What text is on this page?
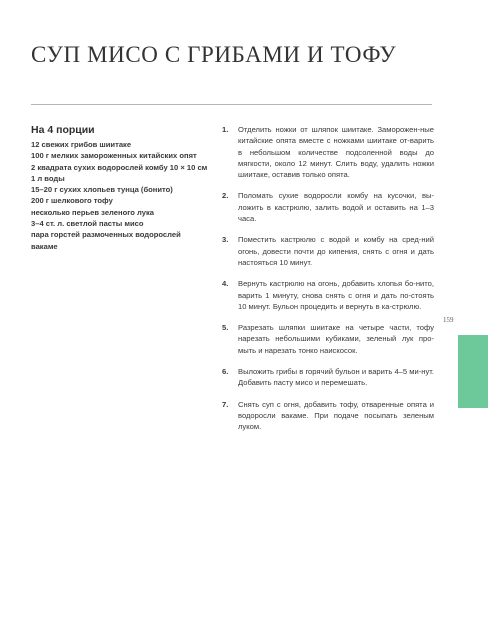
СУП МИСО С ГРИБАМИ И ТОФУ
На 4 порции
12 свежих грибов шиитаке
100 г мелких замороженных китайских опят
2 квадрата сухих водорослей комбу 10 × 10 см
1 л воды
15–20 г сухих хлопьев тунца (бонито)
200 г шелкового тофу
несколько перьев зеленого лука
3–4 ст. л. светлой пасты мисо
пара горстей размоченных водорослей
вакаме
1.	Отделить ножки от шляпок шиитаке. Заморожен-ные китайские опята вместе с ножками шиитаке от-варить в небольшом количестве подсоленной воды до мягкости, около 12 минут. Слить воду, удалить ножки шиитаке, оставив только опята.
2.	Поломать сухие водоросли комбу на кусочки, вы-ложить в кастрюлю, залить водой и оставить на 1–3 часа.
3.	Поместить кастрюлю с водой и комбу на сред-ний огонь, довести почти до кипения, снять с огня и дать настояться 10 минут.
4.	Вернуть кастрюлю на огонь, добавить хлопья бо-нито, варить 1 минуту, снова снять с огня и дать по-стоять 10 минут. Бульон процедить и вернуть в ка-стрюлю.
5.	Разрезать шляпки шиитаке на четыре части, тофу нарезать небольшими кубиками, зеленый лук про-мыть и нарезать тонко наискосок.
6.	Выложить грибы в горячий бульон и варить 4–5 ми-нут. Добавить пасту мисо и перемешать.
7.	Снять суп с огня, добавить тофу, отваренные опята и водоросли вакаме. При подаче посыпать зеленым луком.
159
